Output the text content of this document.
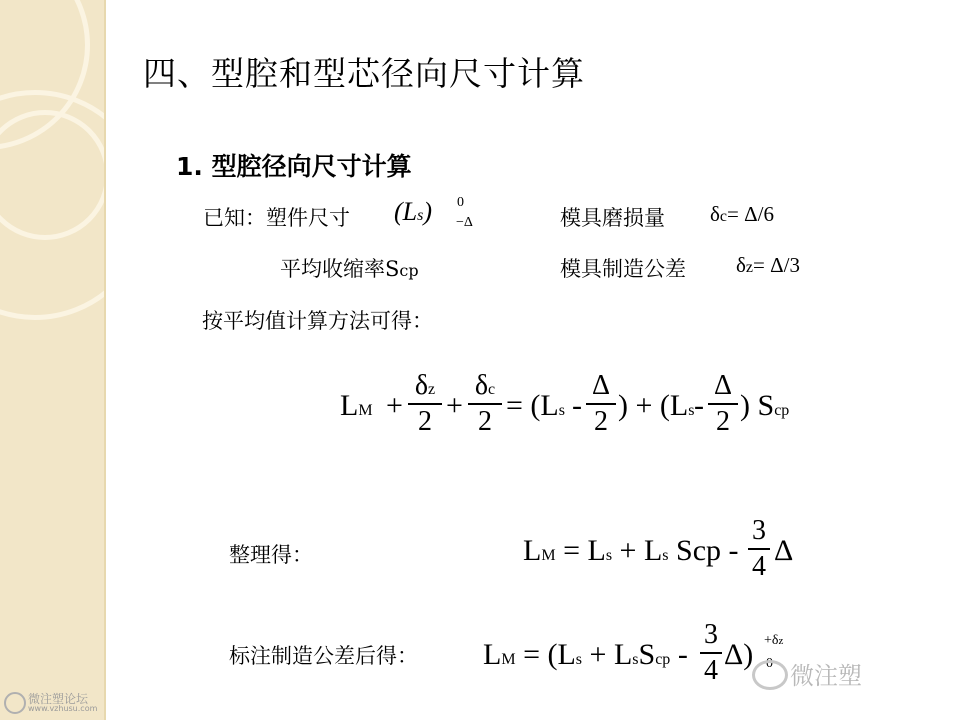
四、型腔和型芯径向尺寸计算
1. 型腔径向尺寸计算
已知：塑件尺寸 (Ls) 0
−Δ	模具磨损量 δc= Δ/6
平均收缩率Scp	模具制造公差 δz= Δ/3
按平均值计算方法可得：
LM +
δz
2 +
δc
2 = (Ls -
Δ
2 ) + (Ls -
Δ
2 ) Scp
整理得：	LM = Ls + Ls Scp -
3
4 Δ
标注制造公差后得： LM = (Ls + LsScp -
3
4 Δ) +δz
0 微注塑
微注塑论坛
www.vzhusu.com
